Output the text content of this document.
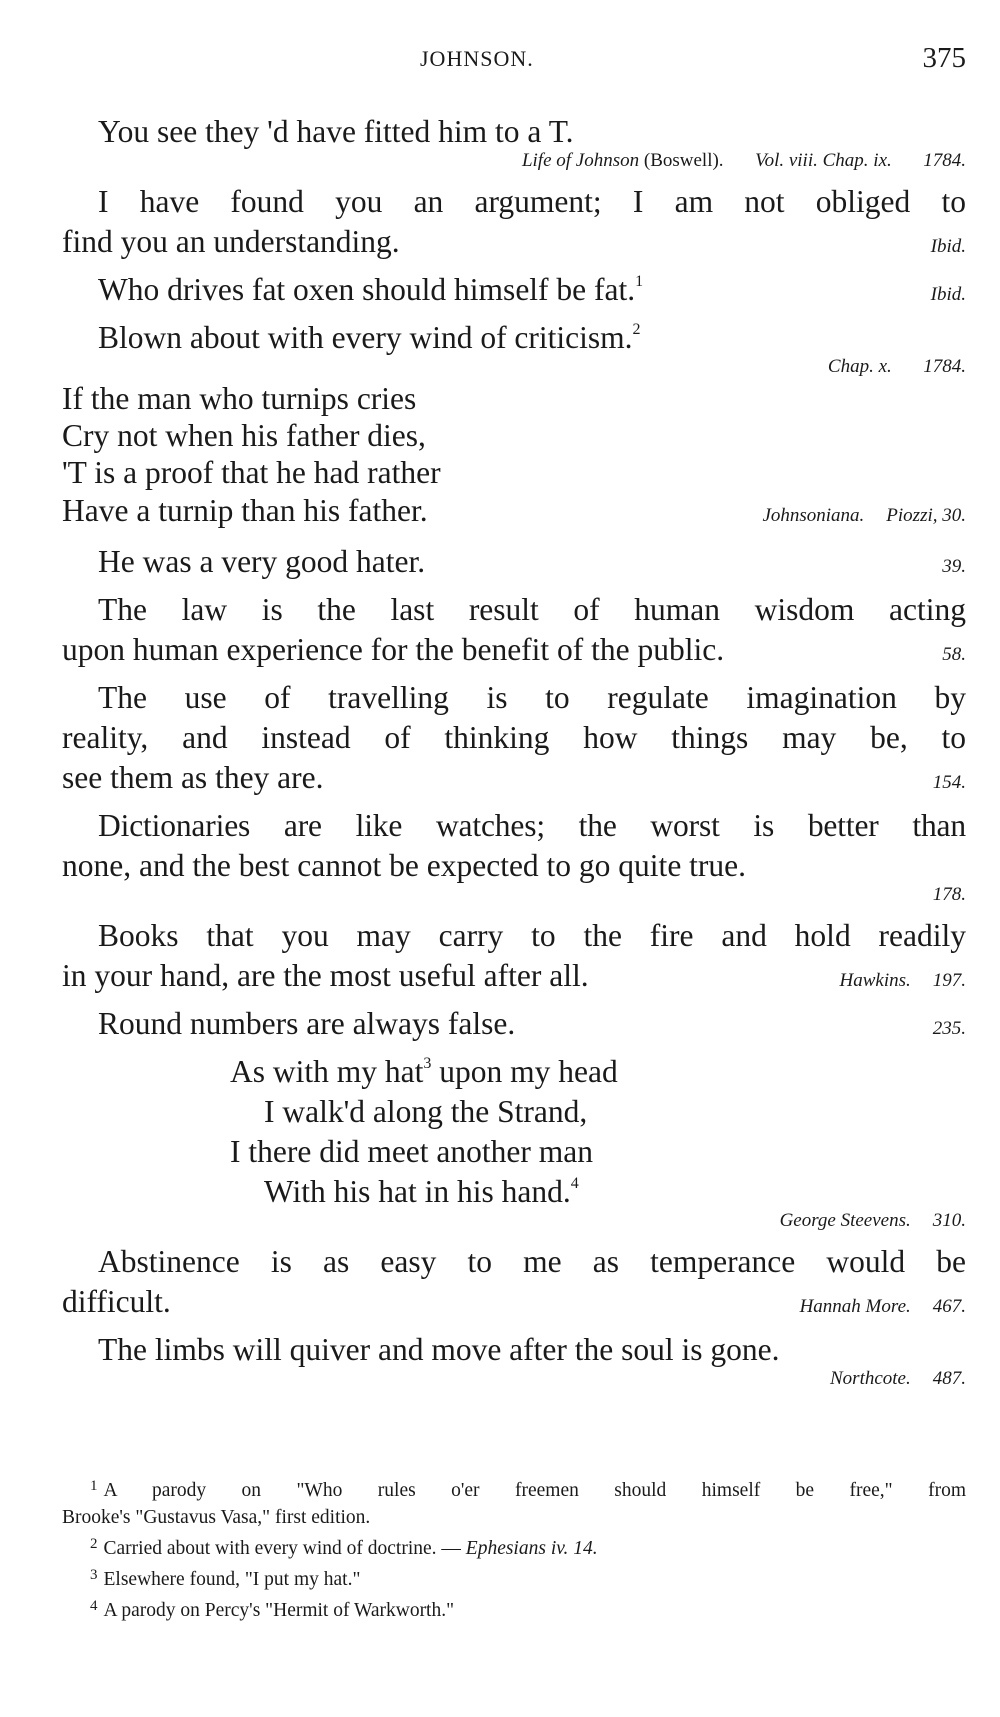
JOHNSON.	375
You see they 'd have fitted him to a T.
Life of Johnson (Boswell). Vol. viii. Chap. ix. 1784.
I have found you an argument; I am not obliged to
find you an understanding.	Ibid.
Who drives fat oxen should himself be fat.$^1$
Ibid.
Blown about with every wind of criticism.$^2$
Chap. x. 1784.
If the man who turnips cries
Cry not when his father dies,
'T is a proof that he had rather
Have a turnip than his father.	Johnsoniana. Piozzi, 30.
He was a very good hater.	39.
The law is the last result of human wisdom acting
upon human experience for the benefit of the public.	58.
The use of travelling is to regulate imagination by
reality, and instead of thinking how things may be, to
see them as they are.	154.
Dictionaries are like watches; the worst is better than
none, and the best cannot be expected to go quite true.
178.
Books that you may carry to the fire and hold readily
in your hand, are the most useful after all.	Hawkins. 197.
Round numbers are always false.	235.
As with my hat$^3$ upon my head
I walk'd along the Strand,
I there did meet another man
With his hat in his hand.$^4$
George Steevens. 310.
Abstinence is as easy to me as temperance would be
difficult.	Hannah More. 467.
The limbs will quiver and move after the soul is gone.
Northcote. 487.
$^1$ A parody on "Who rules o'er freemen should himself be free," from
Brooke's "Gustavus Vasa," first edition.
$^2$ Carried about with every wind of doctrine. — Ephesians iv. 14.
$^3$ Elsewhere found, "I put my hat."
$^4$ A parody on Percy's "Hermit of Warkworth."
